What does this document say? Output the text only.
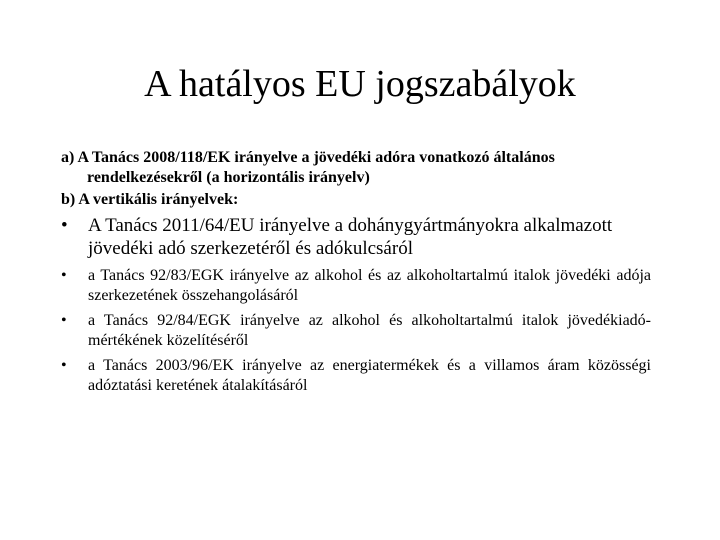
A hatályos EU jogszabályok

a) A Tanács 2008/118/EK irányelve a jövedéki adóra vonatkozó általános rendelkezésekről (a horizontális irányelv)

b) A vertikális irányelvek:

• A Tanács 2011/64/EU irányelve a dohánygyártmányokra alkalmazott jövedéki adó szerkezetéről és adókulcsáról
• a Tanács 92/83/EGK irányelve az alkohol és az alkoholtartalmú italok jövedéki adója szerkezetének összehangolásáról
• a Tanács 92/84/EGK irányelve az alkohol és alkoholtartalmú italok jövedékiadó-mértékének közelítéséről
• a Tanács 2003/96/EK irányelve az energiatermékek és a villamos áram közösségi adóztatási keretének átalakításáról
